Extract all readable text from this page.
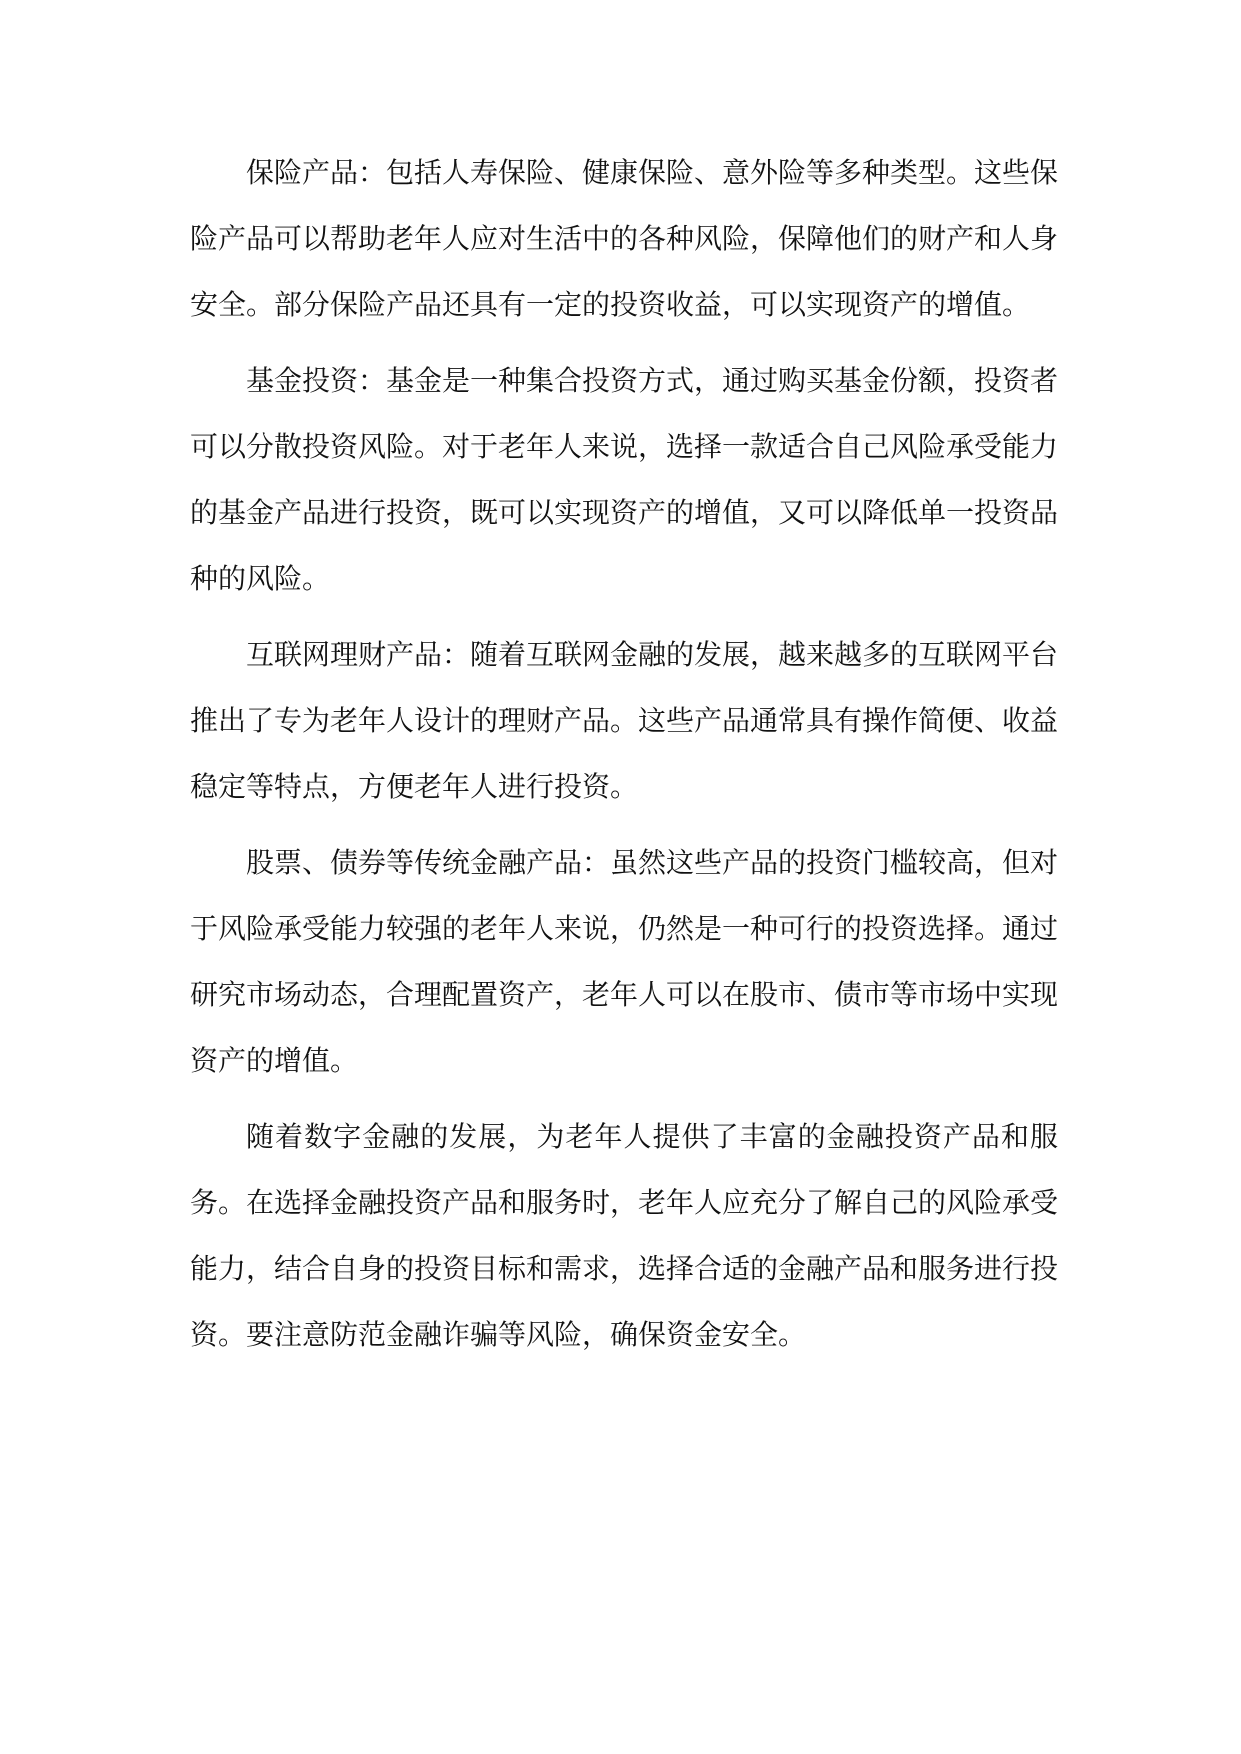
保险产品：包括人寿保险、健康保险、意外险等多种类型。这些保险产品可以帮助老年人应对生活中的各种风险，保障他们的财产和人身安全。部分保险产品还具有一定的投资收益，可以实现资产的增值。

基金投资：基金是一种集合投资方式，通过购买基金份额，投资者可以分散投资风险。对于老年人来说，选择一款适合自己风险承受能力的基金产品进行投资，既可以实现资产的增值，又可以降低单一投资品种的风险。

互联网理财产品：随着互联网金融的发展，越来越多的互联网平台推出了专为老年人设计的理财产品。这些产品通常具有操作简便、收益稳定等特点，方便老年人进行投资。

股票、债券等传统金融产品：虽然这些产品的投资门槛较高，但对于风险承受能力较强的老年人来说，仍然是一种可行的投资选择。通过研究市场动态，合理配置资产，老年人可以在股市、债市等市场中实现资产的增值。

随着数字金融的发展，为老年人提供了丰富的金融投资产品和服务。在选择金融投资产品和服务时，老年人应充分了解自己的风险承受能力，结合自身的投资目标和需求，选择合适的金融产品和服务进行投资。要注意防范金融诈骗等风险，确保资金安全。
